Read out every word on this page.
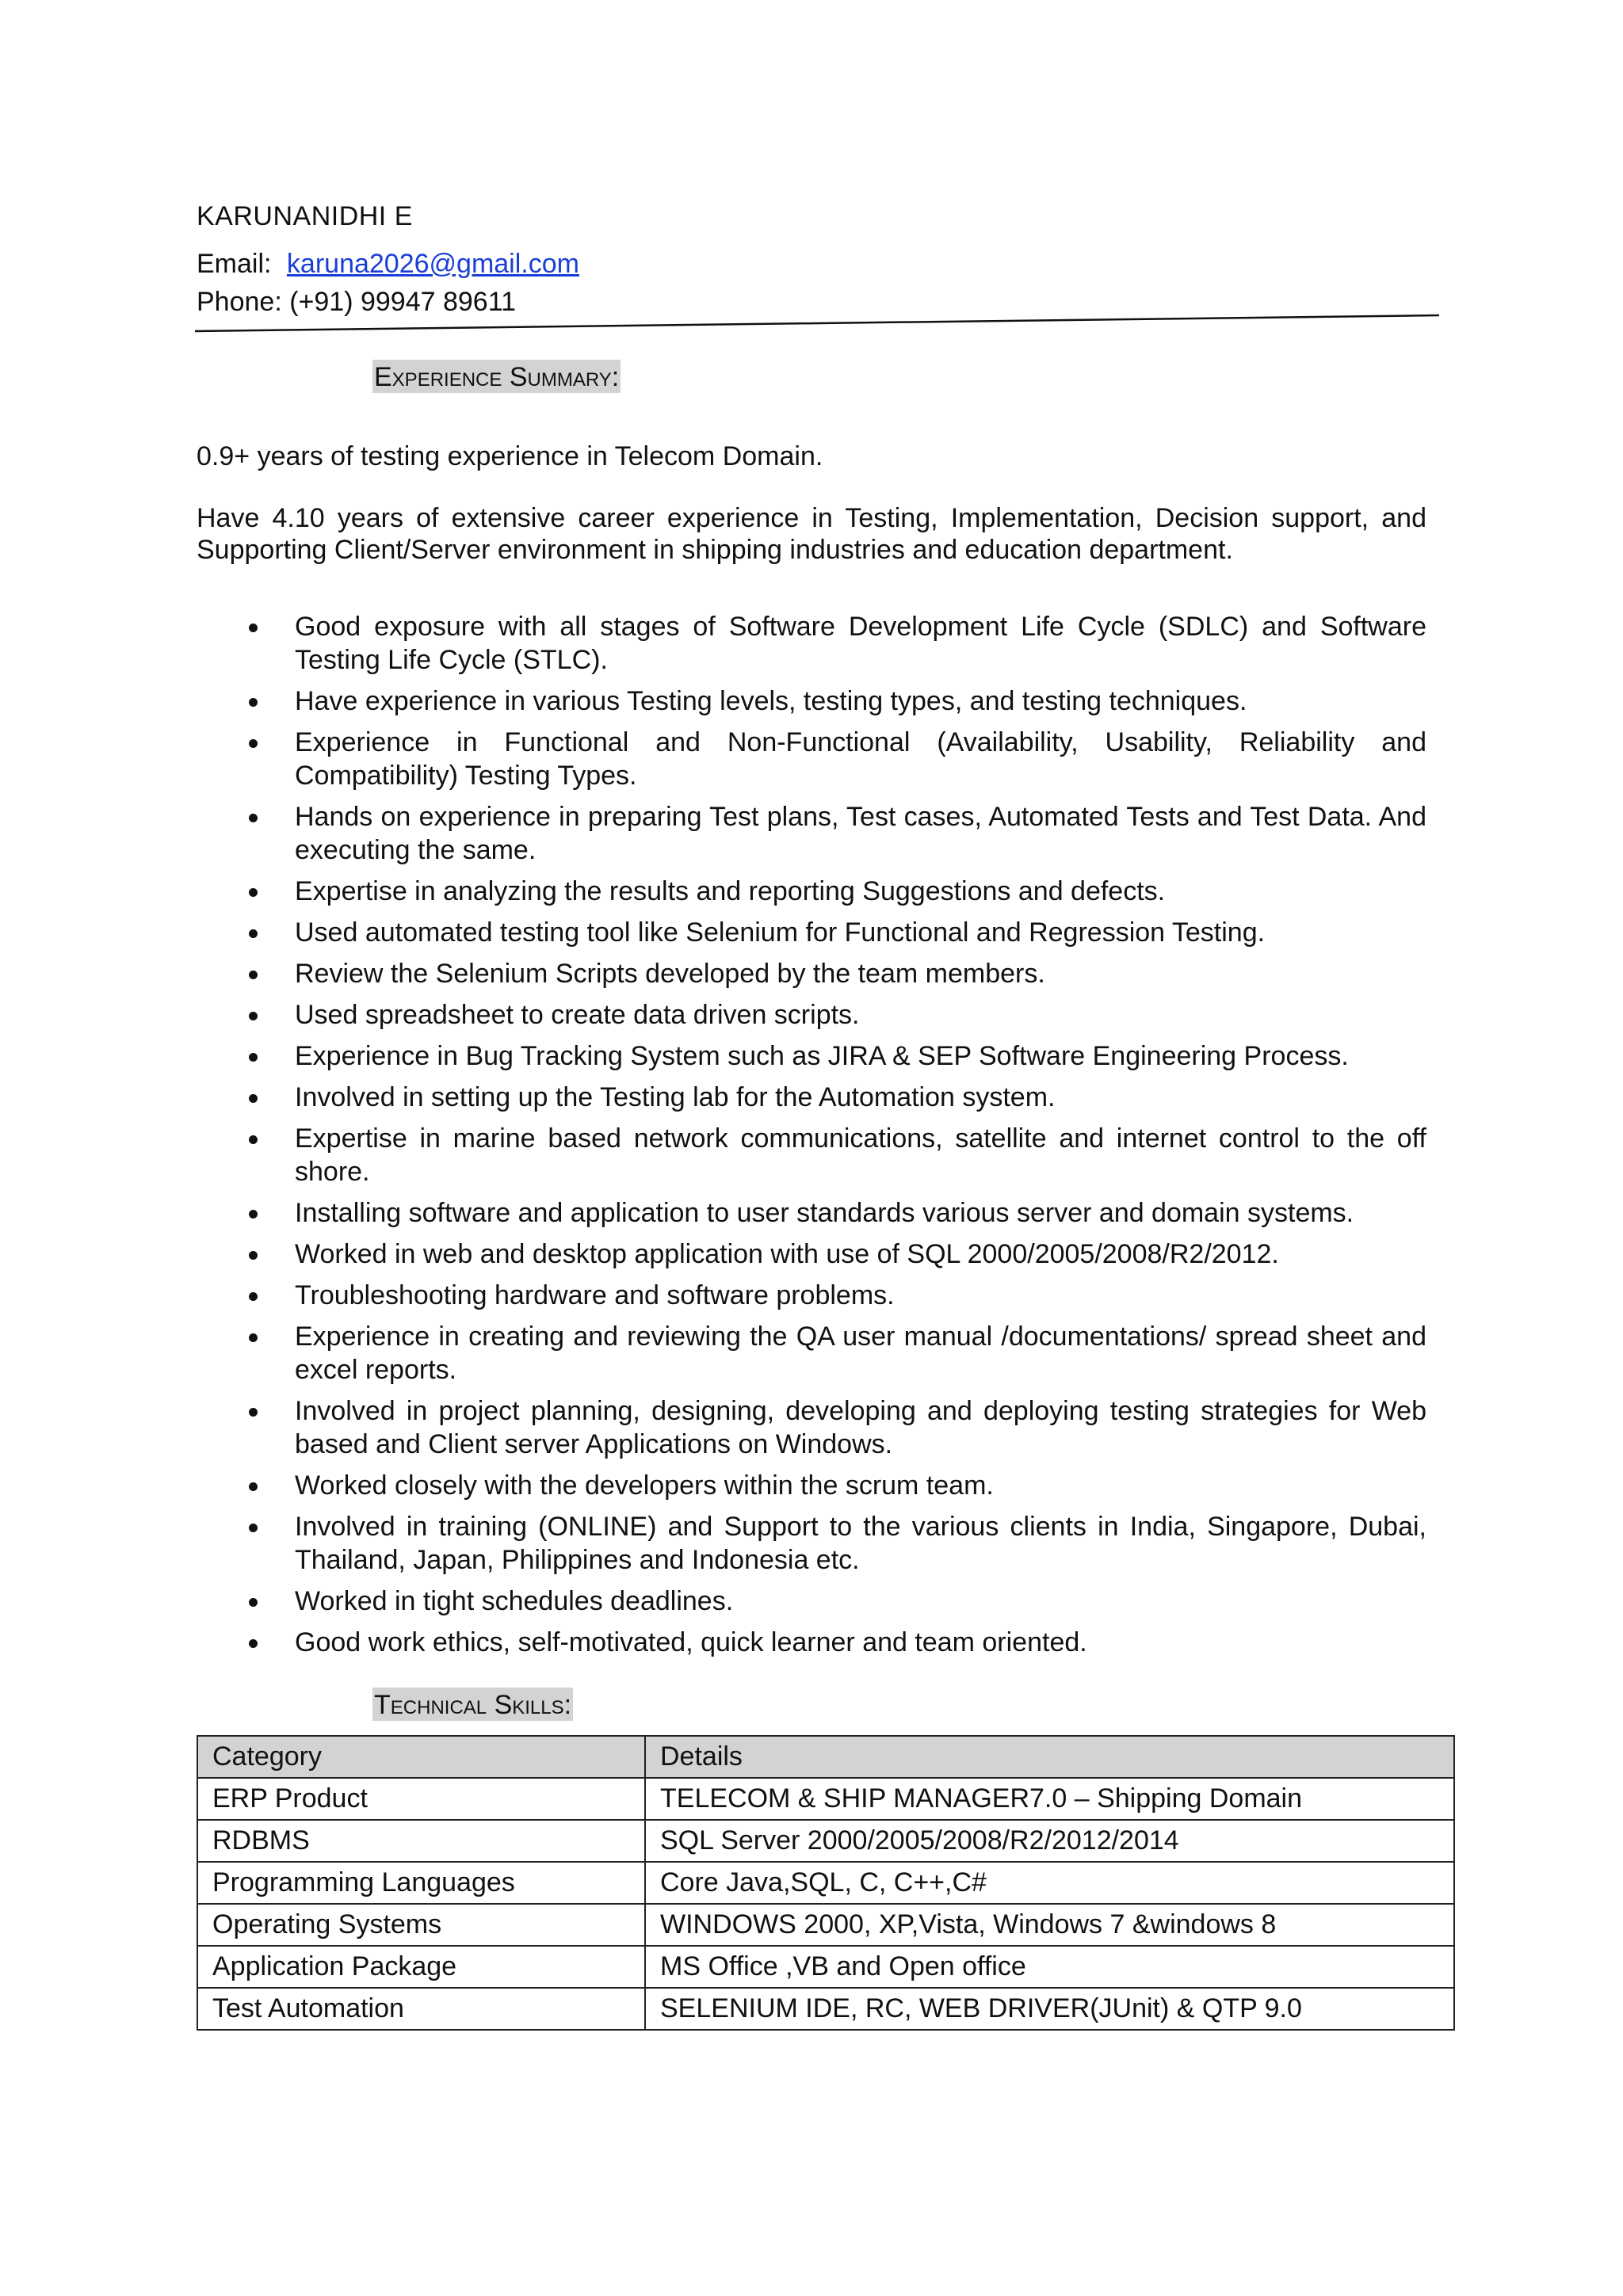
KARUNANIDHI E
Email: karuna2026@gmail.com
Phone: (+91) 99947 89611
Experience Summary:
0.9+ years of testing experience in Telecom Domain.
Have 4.10 years of extensive career experience in Testing, Implementation, Decision support, and Supporting Client/Server environment in shipping industries and education department.
Good exposure with all stages of Software Development Life Cycle (SDLC) and Software Testing Life Cycle (STLC).
Have experience in various Testing levels, testing types, and testing techniques.
Experience in Functional and Non-Functional (Availability, Usability, Reliability and Compatibility) Testing Types.
Hands on experience in preparing Test plans, Test cases, Automated Tests and Test Data. And executing the same.
Expertise in analyzing the results and reporting Suggestions and defects.
Used automated testing tool like Selenium for Functional and Regression Testing.
Review the Selenium Scripts developed by the team members.
Used spreadsheet to create data driven scripts.
Experience in Bug Tracking System such as JIRA & SEP Software Engineering Process.
Involved in setting up the Testing lab for the Automation system.
Expertise in marine based network communications, satellite and internet control to the off shore.
Installing software and application to user standards various server and domain systems.
Worked in web and desktop application with use of SQL 2000/2005/2008/R2/2012.
Troubleshooting hardware and software problems.
Experience in creating and reviewing the QA user manual /documentations/ spread sheet and excel reports.
Involved in project planning, designing, developing and deploying testing strategies for Web based and Client server Applications on Windows.
Worked closely with the developers within the scrum team.
Involved in training (ONLINE) and Support to the various clients in India, Singapore, Dubai, Thailand, Japan, Philippines and Indonesia etc.
Worked in tight schedules deadlines.
Good work ethics, self-motivated, quick learner and team oriented.
Technical Skills:
Category	Details
ERP Product	TELECOM & SHIP MANAGER7.0 – Shipping Domain
RDBMS	SQL Server 2000/2005/2008/R2/2012/2014
Programming Languages	Core Java,SQL, C, C++,C#
Operating Systems	WINDOWS 2000, XP,Vista, Windows 7 &windows 8
Application Package	MS Office ,VB and Open office
Test Automation	SELENIUM IDE, RC, WEB DRIVER(JUnit) & QTP 9.0
